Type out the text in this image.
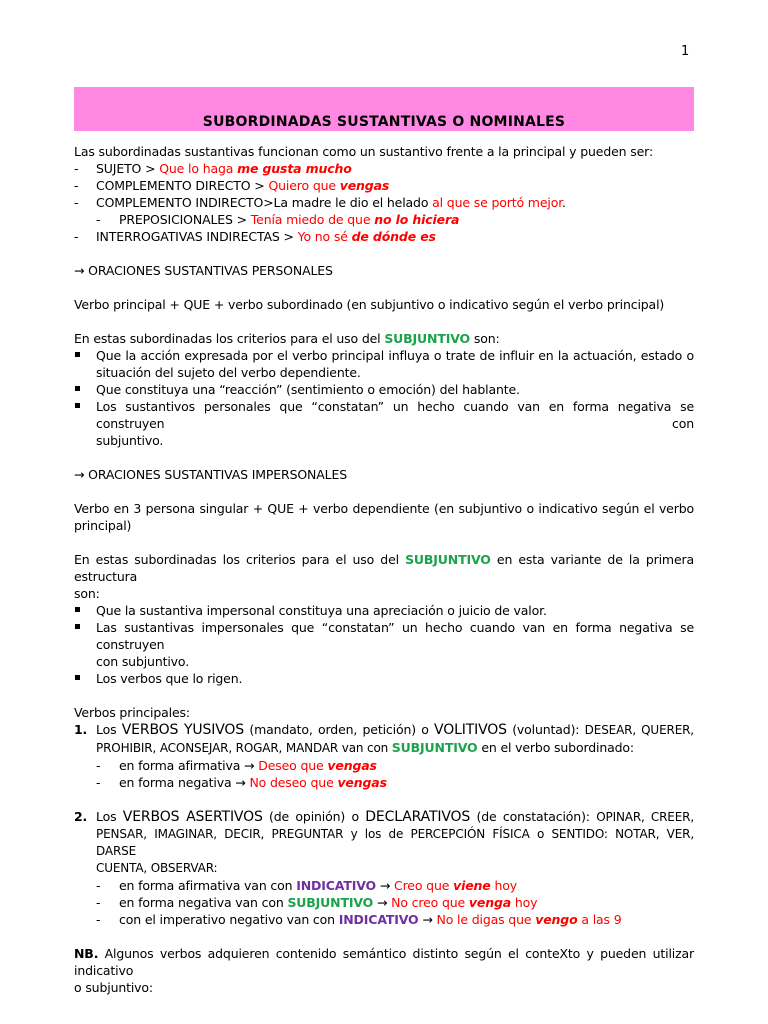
1
SUBORDINADAS SUSTANTIVAS O NOMINALES
Las subordinadas sustantivas funcionan como un sustantivo frente a la principal y pueden ser:
- SUJETO > Que lo haga me gusta mucho
- COMPLEMENTO DIRECTO > Quiero que vengas
- COMPLEMENTO INDIRECTO>La madre le dio el helado al que se portó mejor.
- PREPOSICIONALES > Tenía miedo de que no lo hiciera
- INTERROGATIVAS INDIRECTAS > Yo no sé de dónde es
→ ORACIONES SUSTANTIVAS PERSONALES
Verbo principal + QUE + verbo subordinado (en subjuntivo o indicativo según el verbo principal)
En estas subordinadas los criterios para el uso del SUBJUNTIVO son:
Que la acción expresada por el verbo principal influya o trate de influir en la actuación, estado o
situación del sujeto del verbo dependiente.
Que constituya una “reacción” (sentimiento o emoción) del hablante.
Los sustantivos personales que “constatan” un hecho cuando van en forma negativa se construyen con
subjuntivo.
→ ORACIONES SUSTANTIVAS IMPERSONALES
Verbo en 3 persona singular + QUE + verbo dependiente (en subjuntivo o indicativo según el verbo
principal)
En estas subordinadas los criterios para el uso del SUBJUNTIVO en esta variante de la primera estructura
son:
Que la sustantiva impersonal constituya una apreciación o juicio de valor.
Las sustantivas impersonales que “constatan” un hecho cuando van en forma negativa se construyen
con subjuntivo.
Los verbos que lo rigen.
Verbos principales:
1. Los VERBOS YUSIVOS (mandato, orden, petición) o VOLITIVOS (voluntad): DESEAR, QUERER,
PROHIBIR, ACONSEJAR, ROGAR, MANDAR van con SUBJUNTIVO en el verbo subordinado:
- en forma afirmativa → Deseo que vengas
- en forma negativa → No deseo que vengas
2. Los VERBOS ASERTIVOS (de opinión) o DECLARATIVOS (de constatación): OPINAR, CREER,
PENSAR, IMAGINAR, DECIR, PREGUNTAR y los de PERCEPCIÓN FÍSICA o SENTIDO: NOTAR, VER, DARSE
CUENTA, OBSERVAR:
- en forma afirmativa van con INDICATIVO → Creo que viene hoy
- en forma negativa van con SUBJUNTIVO → No creo que venga hoy
- con el imperativo negativo van con INDICATIVO → No le digas que vengo a las 9
NB. Algunos verbos adquieren contenido semántico distinto según el conteXto y pueden utilizar indicativo
o subjuntivo:
